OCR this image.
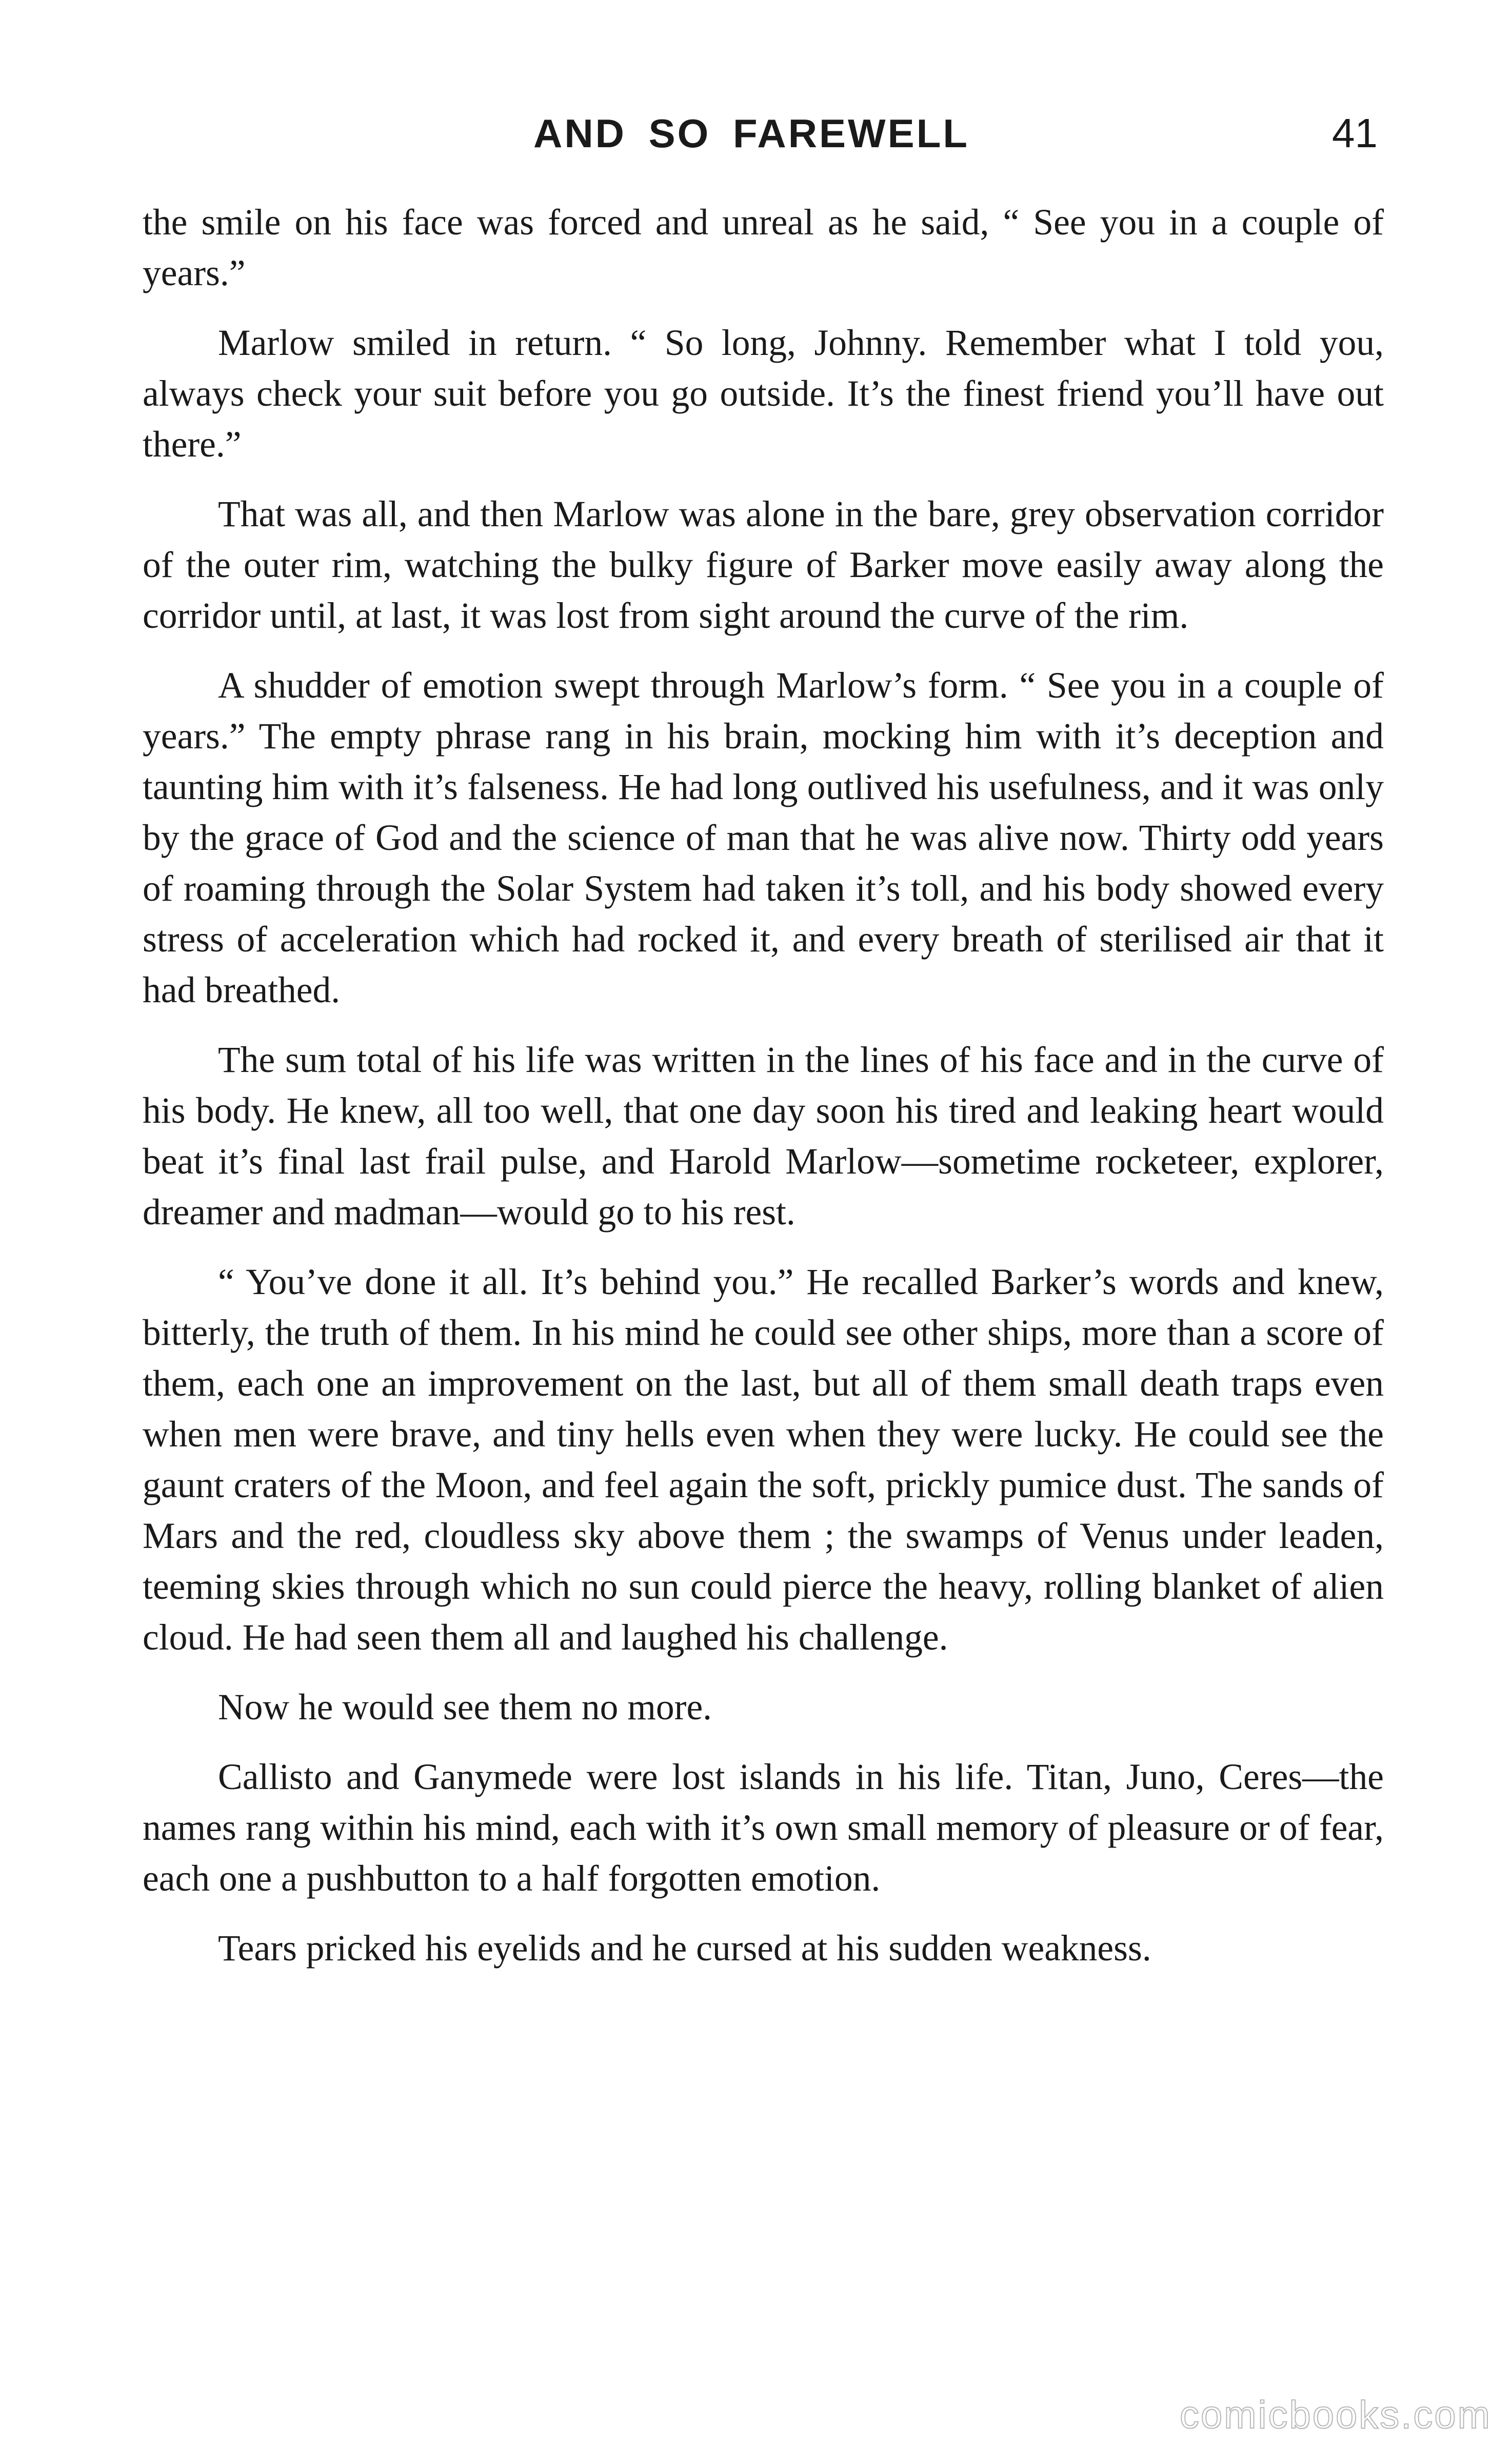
AND SO FAREWELL	41

the smile on his face was forced and unreal as he said, “ See you in a couple of years.”

Marlow smiled in return. “ So long, Johnny. Remember what I told you, always check your suit before you go outside. It’s the finest friend you’ll have out there.”

That was all, and then Marlow was alone in the bare, grey observation corridor of the outer rim, watching the bulky figure of Barker move easily away along the corridor until, at last, it was lost from sight around the curve of the rim.

A shudder of emotion swept through Marlow’s form. “ See you in a couple of years.” The empty phrase rang in his brain, mocking him with it’s deception and taunting him with it’s falseness. He had long outlived his usefulness, and it was only by the grace of God and the science of man that he was alive now. Thirty odd years of roaming through the Solar System had taken it’s toll, and his body showed every stress of acceleration which had rocked it, and every breath of sterilised air that it had breathed.

The sum total of his life was written in the lines of his face and in the curve of his body. He knew, all too well, that one day soon his tired and leaking heart would beat it’s final last frail pulse, and Harold Marlow—sometime rocketeer, explorer, dreamer and madman—would go to his rest.

“ You’ve done it all. It’s behind you.” He recalled Barker’s words and knew, bitterly, the truth of them. In his mind he could see other ships, more than a score of them, each one an improvement on the last, but all of them small death traps even when men were brave, and tiny hells even when they were lucky. He could see the gaunt craters of the Moon, and feel again the soft, prickly pumice dust. The sands of Mars and the red, cloudless sky above them ; the swamps of Venus under leaden, teeming skies through which no sun could pierce the heavy, rolling blanket of alien cloud. He had seen them all and laughed his challenge.

Now he would see them no more.

Callisto and Ganymede were lost islands in his life. Titan, Juno, Ceres—the names rang within his mind, each with it’s own small memory of pleasure or of fear, each one a pushbutton to a half forgotten emotion.

Tears pricked his eyelids and he cursed at his sudden weakness.

comicbooks.com
